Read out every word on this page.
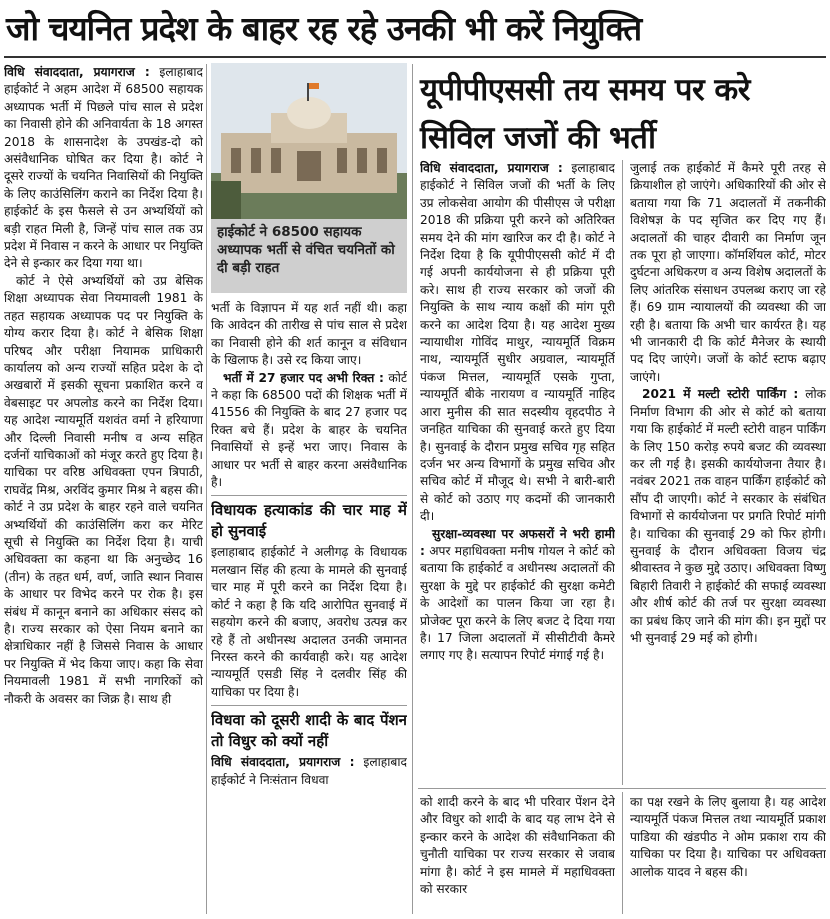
जो चयनित प्रदेश के बाहर रह रहे उनकी भी करें नियुक्ति

विधि संवाददाता, प्रयागराज : इलाहाबाद हाईकोर्ट ने अहम आदेश में 68500 सहायक अध्यापक भर्ती में पिछले पांच साल से प्रदेश का निवासी होने की अनिवार्यता के 18 अगस्त 2018 के शासनादेश के उपखंड-दो को असंवैधानिक घोषित कर दिया है। कोर्ट ने दूसरे राज्यों के चयनित निवासियों की नियुक्ति के लिए काउंसिलिंग कराने का निर्देश दिया है। हाईकोर्ट के इस फैसले से उन अभ्यर्थियों को बड़ी राहत मिली है, जिन्हें पांच साल तक उप्र प्रदेश में निवास न करने के आधार पर नियुक्ति देने से इन्कार कर दिया गया था।

कोर्ट ने ऐसे अभ्यर्थियों को उप्र बेसिक शिक्षा अध्यापक सेवा नियमावली 1981 के तहत सहायक अध्यापक पद पर नियुक्ति के योग्य करार दिया है। कोर्ट ने बेसिक शिक्षा परिषद और परीक्षा नियामक प्राधिकारी कार्यालय को अन्य राज्यों सहित प्रदेश के दो अखबारों में इसकी सूचना प्रकाशित करने व वेबसाइट पर अपलोड करने का निर्देश दिया। यह आदेश न्यायमूर्ति यशवंत वर्मा ने हरियाणा और दिल्ली निवासी मनीष व अन्य सहित दर्जनों याचिकाओं को मंजूर करते हुए दिया है। याचिका पर वरिष्ठ अधिवक्ता एपन त्रिपाठी, राघवेंद्र मिश्र, अरविंद कुमार मिश्र ने बहस की। कोर्ट ने उप्र प्रदेश के बाहर रहने वाले चयनित अभ्यर्थियों की काउंसिलिंग करा कर मेरिट सूची से नियुक्ति का निर्देश दिया है। याची अधिवक्ता का कहना था कि अनुच्छेद 16 (तीन) के तहत धर्म, वर्ण, जाति स्थान निवास के आधार पर विभेद करने पर रोक है। इस संबंध में कानून बनाने का अधिकार संसद को है। राज्य सरकार को ऐसा नियम बनाने का क्षेत्राधिकार नहीं है जिससे निवास के आधार पर नियुक्ति में भेद किया जाए। कहा कि सेवा नियमावली 1981 में सभी नागरिकों को नौकरी के अवसर का जिक्र है। साथ ही

हाईकोर्ट ने 68500 सहायक अध्यापक भर्ती से वंचित चयनितों को दी बड़ी राहत

भर्ती के विज्ञापन में यह शर्त नहीं थी। कहा कि आवेदन की तारीख से पांच साल से प्रदेश का निवासी होने की शर्त कानून व संविधान के खिलाफ है। उसे रद किया जाए।

भर्ती में 27 हजार पद अभी रिक्त : कोर्ट ने कहा कि 68500 पदों की शिक्षक भर्ती में 41556 की नियुक्ति के बाद 27 हजार पद रिक्त बचे हैं। प्रदेश के बाहर के चयनित निवासियों से इन्हें भरा जाए। निवास के आधार पर भर्ती से बाहर करना असंवैधानिक है।

विधायक हत्याकांड की चार माह में हो सुनवाई

इलाहाबाद हाईकोर्ट ने अलीगढ़ के विधायक मलखान सिंह की हत्या के मामले की सुनवाई चार माह में पूरी करने का निर्देश दिया है। कोर्ट ने कहा है कि यदि आरोपित सुनवाई में सहयोग करने की बजाए, अवरोध उत्पन्न कर रहे हैं तो अधीनस्थ अदालत उनकी जमानत निरस्त करने की कार्यवाही करे। यह आदेश न्यायमूर्ति एसडी सिंह ने दलवीर सिंह की याचिका पर दिया है।

विधवा को दूसरी शादी के बाद पेंशन तो विधुर को क्यों नहीं

विधि संवाददाता, प्रयागराज : इलाहाबाद हाईकोर्ट ने निःसंतान विधवा

यूपीपीएससी तय समय पर करे सिविल जजों की भर्ती

विधि संवाददाता, प्रयागराज : इलाहाबाद हाईकोर्ट ने सिविल जजों की भर्ती के लिए उप्र लोकसेवा आयोग की पीसीएस जे परीक्षा 2018 की प्रक्रिया पूरी करने को अतिरिक्त समय देने की मांग खारिज कर दी है। कोर्ट ने निर्देश दिया है कि यूपीपीएससी कोर्ट में दी गई अपनी कार्ययोजना से ही प्रक्रिया पूरी करे। साथ ही राज्य सरकार को जजों की नियुक्ति के साथ न्याय कक्षों की मांग पूरी करने का आदेश दिया है। यह आदेश मुख्य न्यायाधीश गोविंद माथुर, न्यायमूर्ति विक्रम नाथ, न्यायमूर्ति सुधीर अग्रवाल, न्यायमूर्ति पंकज मित्तल, न्यायमूर्ति एसके गुप्ता, न्यायमूर्ति बीके नारायण व न्यायमूर्ति नाहिद आरा मुनीस की सात सदस्यीय वृहदपीठ ने जनहित याचिका की सुनवाई करते हुए दिया है। सुनवाई के दौरान प्रमुख सचिव गृह सहित दर्जन भर अन्य विभागों के प्रमुख सचिव और सचिव कोर्ट में मौजूद थे। सभी ने बारी-बारी से कोर्ट को उठाए गए कदमों की जानकारी दी।

सुरक्षा-व्यवस्था पर अफसरों ने भरी हामी : अपर महाधिवक्ता मनीष गोयल ने कोर्ट को बताया कि हाईकोर्ट व अधीनस्थ अदालतों की सुरक्षा के मुद्दे पर हाईकोर्ट की सुरक्षा कमेटी के आदेशों का पालन किया जा रहा है। प्रोजेक्ट पूरा करने के लिए बजट दे दिया गया है। 17 जिला अदालतों में सीसीटीवी कैमरे लगाए गए है। सत्यापन रिपोर्ट मंगाई गई है।

जुलाई तक हाईकोर्ट में कैमरे पूरी तरह से क्रियाशील हो जाएंगे। अधिकारियों की ओर से बताया गया कि 71 अदालतों में तकनीकी विशेषज्ञ के पद सृजित कर दिए गए हैं। अदालतों की चाहर दीवारी का निर्माण जून तक पूरा हो जाएगा। कॉमर्शियल कोर्ट, मोटर दुर्घटना अधिकरण व अन्य विशेष अदालतों के लिए आंतरिक संसाधन उपलब्ध कराए जा रहे हैं। 69 ग्राम न्यायालयों की व्यवस्था की जा रही है। बताया कि अभी चार कार्यरत है। यह भी जानकारी दी कि कोर्ट मैनेजर के स्थायी पद दिए जाएंगे। जजों के कोर्ट स्टाफ बढ़ाए जाएंगे।

2021 में मल्टी स्टोरी पार्किंग : लोक निर्माण विभाग की ओर से कोर्ट को बताया गया कि हाईकोर्ट में मल्टी स्टोरी वाहन पार्किंग के लिए 150 करोड़ रुपये बजट की व्यवस्था कर ली गई है। इसकी कार्ययोजना तैयार है। नवंबर 2021 तक वाहन पार्किंग हाईकोर्ट को सौंप दी जाएगी। कोर्ट ने सरकार के संबंधित विभागों से कार्ययोजना पर प्रगति रिपोर्ट मांगी है। याचिका की सुनवाई 29 को फिर होगी। सुनवाई के दौरान अधिवक्ता विजय चंद्र श्रीवास्तव ने कुछ मुद्दे उठाए। अधिवक्ता विष्णु बिहारी तिवारी ने हाईकोर्ट की सफाई व्यवस्था और शीर्ष कोर्ट की तर्ज पर सुरक्षा व्यवस्था का प्रबंध किए जाने की मांग की। इन मुद्दों पर भी सुनवाई 29 मई को होगी।

को शादी करने के बाद भी परिवार पेंशन देने और विधुर को शादी के बाद यह लाभ देने से इन्कार करने के आदेश की संवैधानिकता की चुनौती याचिका पर राज्य सरकार से जवाब मांगा है। कोर्ट ने इस मामले में महाधिवक्ता को सरकार

का पक्ष रखने के लिए बुलाया है। यह आदेश न्यायमूर्ति पंकज मित्तल तथा न्यायमूर्ति प्रकाश पाडिया की खंडपीठ ने ओम प्रकाश राय की याचिका पर दिया है। याचिका पर अधिवक्ता आलोक यादव ने बहस की।
